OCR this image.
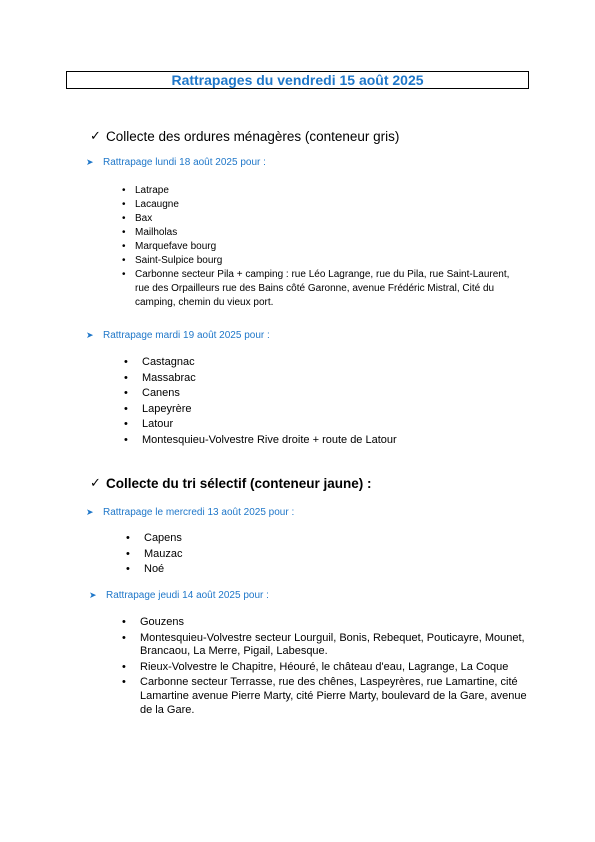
Rattrapages du vendredi 15 août 2025
✓ Collecte des ordures ménagères (conteneur gris)
➤ Rattrapage lundi 18 août 2025 pour :
• Latrape
• Lacaugne
• Bax
• Mailholas
• Marquefave bourg
• Saint-Sulpice bourg
• Carbonne secteur Pila + camping : rue Léo Lagrange, rue du Pila, rue Saint-Laurent, rue des Orpailleurs rue des Bains côté Garonne, avenue Frédéric Mistral, Cité du camping, chemin du vieux port.
➤ Rattrapage mardi 19 août 2025 pour :
• Castagnac
• Massabrac
• Canens
• Lapeyrère
• Latour
• Montesquieu-Volvestre Rive droite + route de Latour
✓ Collecte du tri sélectif (conteneur jaune) :
➤ Rattrapage le mercredi 13 août 2025 pour :
• Capens
• Mauzac
• Noé
➤ Rattrapage jeudi 14 août 2025 pour :
• Gouzens
• Montesquieu-Volvestre secteur Lourguil, Bonis, Rebequet, Pouticayre, Mounet, Brancaou, La Merre, Pigail, Labesque.
• Rieux-Volvestre le Chapitre, Héouré, le château d'eau, Lagrange, La Coque
• Carbonne secteur Terrasse, rue des chênes, Laspeyrères, rue Lamartine, cité Lamartine avenue Pierre Marty, cité Pierre Marty, boulevard de la Gare, avenue de la Gare.
